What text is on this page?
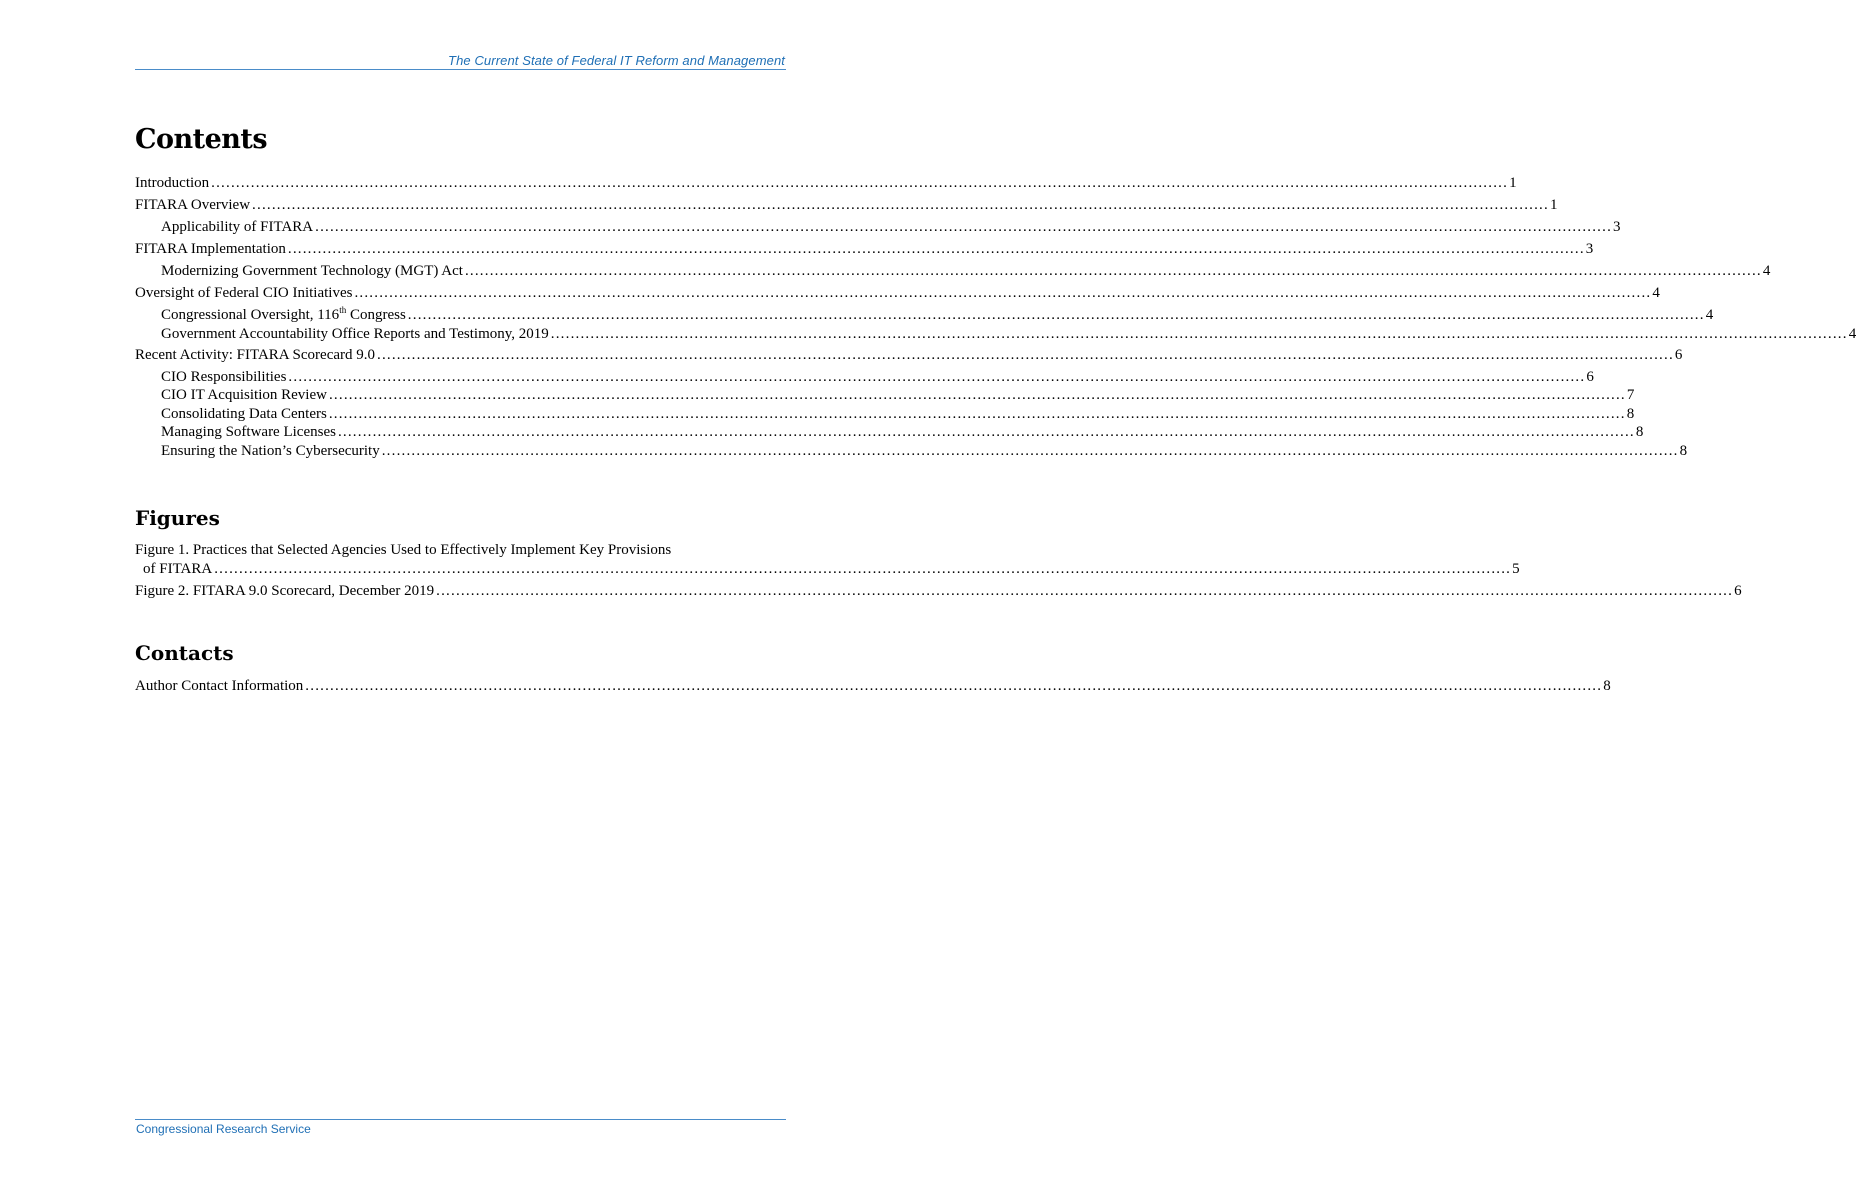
The Current State of Federal IT Reform and Management
Contents
Introduction .....	1
FITARA Overview .....	1
Applicability of FITARA .....	3
FITARA Implementation .....	3
Modernizing Government Technology (MGT) Act .....	4
Oversight of Federal CIO Initiatives .....	4
Congressional Oversight, 116th Congress .....	4
Government Accountability Office Reports and Testimony, 2019 .....	4
Recent Activity: FITARA Scorecard 9.0 .....	6
CIO Responsibilities .....	6
CIO IT Acquisition Review .....	7
Consolidating Data Centers .....	8
Managing Software Licenses .....	8
Ensuring the Nation’s Cybersecurity .....	8
Figures
Figure 1. Practices that Selected Agencies Used to Effectively Implement Key Provisions
of FITARA ...................................................................................................................................................................................................................................................................... 5
Figure 2. FITARA 9.0 Scorecard, December 2019 .....	6
Contacts
Author Contact Information .....	8
Congressional Research Service
